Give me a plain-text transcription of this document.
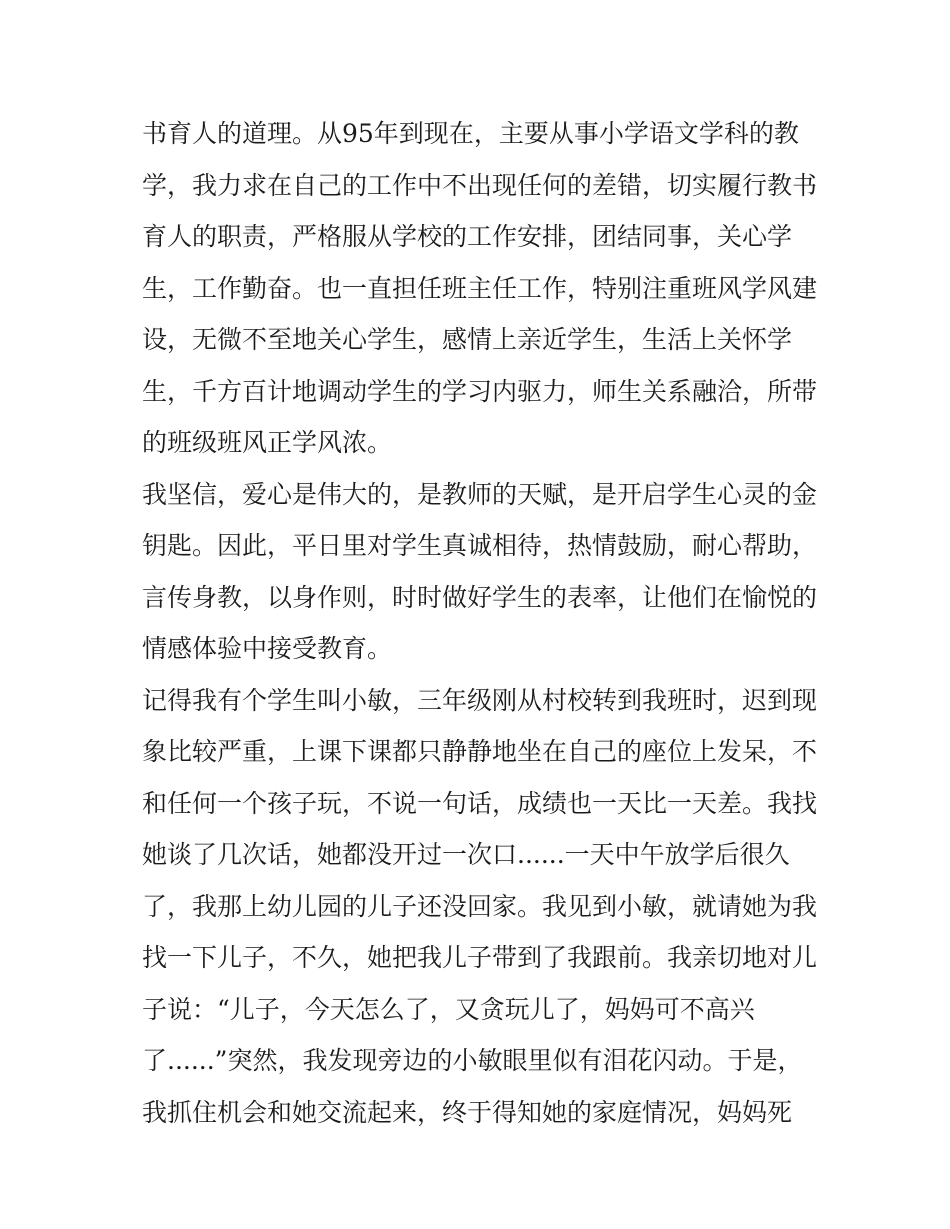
书育人的道理。从95年到现在，主要从事小学语文学科的教
学，我力求在自己的工作中不出现任何的差错，切实履行教书
育人的职责，严格服从学校的工作安排，团结同事，关心学
生，工作勤奋。也一直担任班主任工作，特别注重班风学风建
设，无微不至地关心学生，感情上亲近学生，生活上关怀学
生，千方百计地调动学生的学习内驱力，师生关系融洽，所带
的班级班风正学风浓。
我坚信，爱心是伟大的，是教师的天赋，是开启学生心灵的金
钥匙。因此，平日里对学生真诚相待，热情鼓励，耐心帮助，
言传身教，以身作则，时时做好学生的表率，让他们在愉悦的
情感体验中接受教育。
记得我有个学生叫小敏，三年级刚从村校转到我班时，迟到现
象比较严重，上课下课都只静静地坐在自己的座位上发呆，不
和任何一个孩子玩，不说一句话，成绩也一天比一天差。我找
她谈了几次话，她都没开过一次口......一天中午放学后很久
了，我那上幼儿园的儿子还没回家。我见到小敏，就请她为我
找一下儿子，不久，她把我儿子带到了我跟前。我亲切地对儿
子说：“儿子，今天怎么了，又贪玩儿了，妈妈可不高兴
了......”突然，我发现旁边的小敏眼里似有泪花闪动。于是，
我抓住机会和她交流起来，终于得知她的家庭情况，妈妈死
